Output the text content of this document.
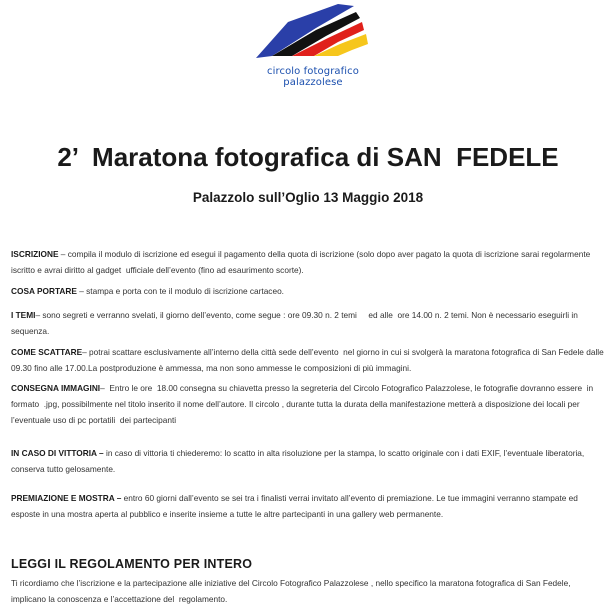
circolo fotografico palazzolese
2’  Maratona fotografica di SAN  FEDELE
Palazzolo sull’Oglio 13 Maggio 2018

ISCRIZIONE – compila il modulo di iscrizione ed esegui il pagamento della quota di iscrizione (solo dopo aver pagato la quota di iscrizione sarai regolarmente iscritto e avrai diritto al gadget  ufficiale dell’evento (fino ad esaurimento scorte).

COSA PORTARE – stampa e porta con te il modulo di iscrizione cartaceo.

I TEMI– sono segreti e verranno svelati, il giorno dell’evento, come segue : ore 09.30 n. 2 temi     ed alle  ore 14.00 n. 2 temi. Non è necessario eseguirli in sequenza.

COME SCATTARE– potrai scattare esclusivamente all’interno della città sede dell’evento  nel giorno in cui si svolgerà la maratona fotografica di San Fedele dalle 09.30 fino alle 17.00.La postproduzione è ammessa, ma non sono ammesse le composizioni di più immagini.

CONSEGNA IMMAGINI–  Entro le ore  18.00 consegna su chiavetta presso la segreteria del Circolo Fotografico Palazzolese, le fotografie dovranno essere  in formato  .jpg, possibilmente nel titolo inserito il nome dell’autore. Il circolo , durante tutta la durata della manifestazione metterà a disposizione dei locali per l’eventuale uso di pc portatili  dei partecipanti

IN CASO DI VITTORIA – in caso di vittoria ti chiederemo: lo scatto in alta risoluzione per la stampa, lo scatto originale con i dati EXIF, l’eventuale liberatoria, conserva tutto gelosamente.

PREMIAZIONE E MOSTRA – entro 60 giorni dall’evento se sei tra i finalisti verrai invitato all’evento di premiazione. Le tue immagini verranno stampate ed esposte in una mostra aperta al pubblico e inserite insieme a tutte le altre partecipanti in una gallery web permanente.

LEGGI IL REGOLAMENTO PER INTERO

Ti ricordiamo che l’iscrizione e la partecipazione alle iniziative del Circolo Fotografico Palazzolese , nello specifico la maratona fotografica di San Fedele, implicano la conoscenza e l’accettazione del  regolamento.
